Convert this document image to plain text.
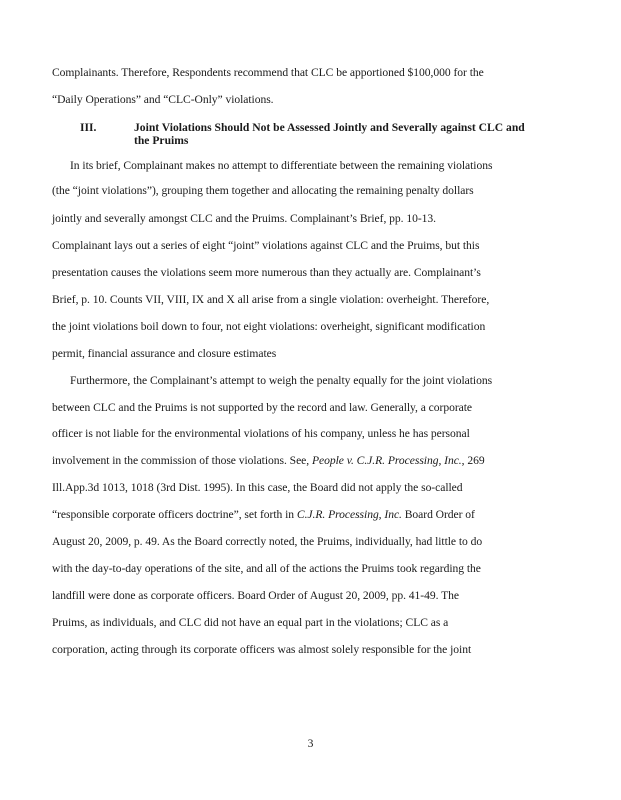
Complainants. Therefore, Respondents recommend that CLC be apportioned $100,000 for the
“Daily Operations” and “CLC-Only” violations.
III.	Joint Violations Should Not be Assessed Jointly and Severally against CLC and
the Pruims
In its brief, Complainant makes no attempt to differentiate between the remaining violations
(the “joint violations”), grouping them together and allocating the remaining penalty dollars
jointly and severally amongst CLC and the Pruims. Complainant’s Brief, pp. 10-13.
Complainant lays out a series of eight “joint” violations against CLC and the Pruims, but this
presentation causes the violations seem more numerous than they actually are. Complainant’s
Brief, p. 10. Counts VII, VIII, IX and X all arise from a single violation: overheight. Therefore,
the joint violations boil down to four, not eight violations: overheight, significant modification
permit, financial assurance and closure estimates
Furthermore, the Complainant’s attempt to weigh the penalty equally for the joint violations
between CLC and the Pruims is not supported by the record and law. Generally, a corporate
officer is not liable for the environmental violations of his company, unless he has personal
involvement in the commission of those violations. See, People v. C.J.R. Processing, Inc., 269
Ill.App.3d 1013, 1018 (3rd Dist. 1995). In this case, the Board did not apply the so-called
“responsible corporate officers doctrine”, set forth in C.J.R. Processing, Inc. Board Order of
August 20, 2009, p. 49. As the Board correctly noted, the Pruims, individually, had little to do
with the day-to-day operations of the site, and all of the actions the Pruims took regarding the
landfill were done as corporate officers. Board Order of August 20, 2009, pp. 41-49. The
Pruims, as individuals, and CLC did not have an equal part in the violations; CLC as a
corporation, acting through its corporate officers was almost solely responsible for the joint
3
